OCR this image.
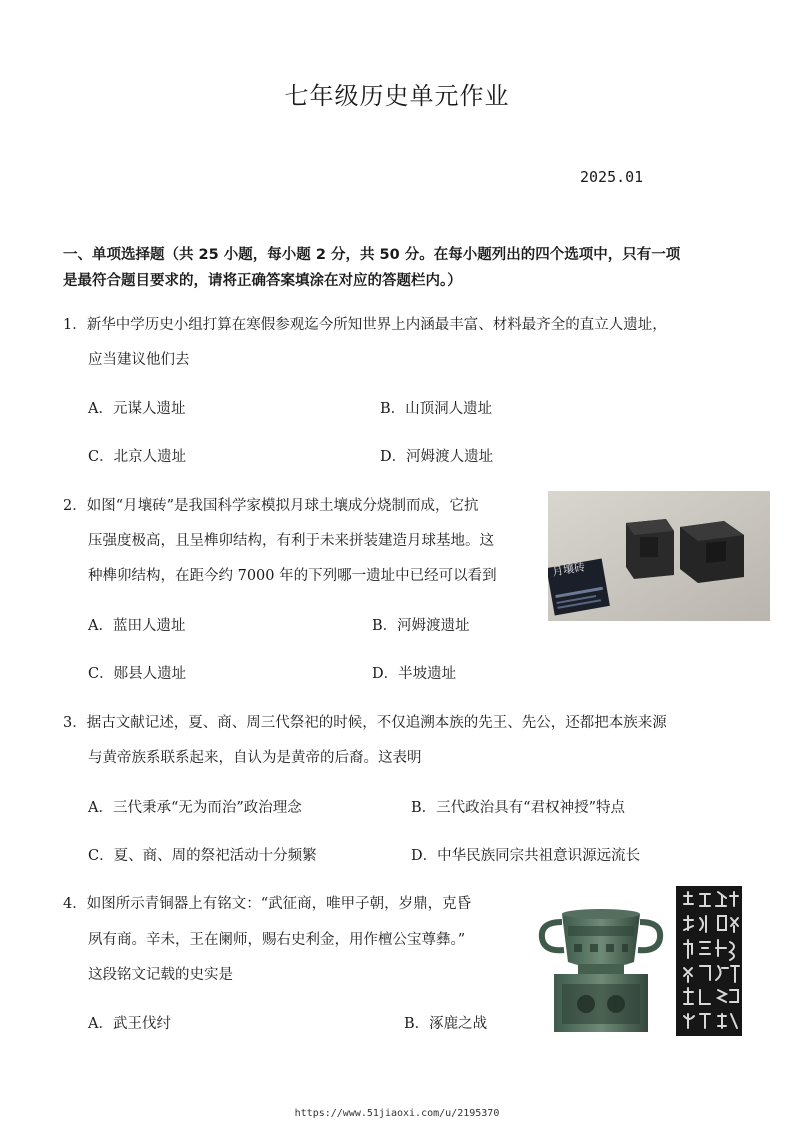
七年级历史单元作业
2025.01
一、单项选择题（共 25 小题，每小题 2 分，共 50 分。在每小题列出的四个选项中，只有一项
是最符合题目要求的，请将正确答案填涂在对应的答题栏内。）
1．新华中学历史小组打算在寒假参观迄今所知世界上内涵最丰富、材料最齐全的直立人遗址，
应当建议他们去
A．元谋人遗址	B．山顶洞人遗址
C．北京人遗址	D．河姆渡人遗址
2．如图“月壤砖”是我国科学家模拟月球土壤成分烧制而成，它抗
压强度极高，且呈榫卯结构，有利于未来拼装建造月球基地。这
种榫卯结构，在距今约 7000 年的下列哪一遗址中已经可以看到
A．蓝田人遗址	B．河姆渡遗址
C．郧县人遗址	D．半坡遗址
月壤砖
3．据古文献记述，夏、商、周三代祭祀的时候，不仅追溯本族的先王、先公，还都把本族来源
与黄帝族系联系起来，自认为是黄帝的后裔。这表明
A．三代秉承“无为而治”政治理念	B．三代政治具有“君权神授”特点
C．夏、商、周的祭祀活动十分频繁	D．中华民族同宗共祖意识源远流长
4．如图所示青铜器上有铭文：“武征商，唯甲子朝，岁鼎，克昏
夙有商。辛未，王在阑师，赐右史利金，用作檀公宝尊彝。”
这段铭文记载的史实是
A．武王伐纣	B．涿鹿之战
https://www.51jiaoxi.com/u/2195370
